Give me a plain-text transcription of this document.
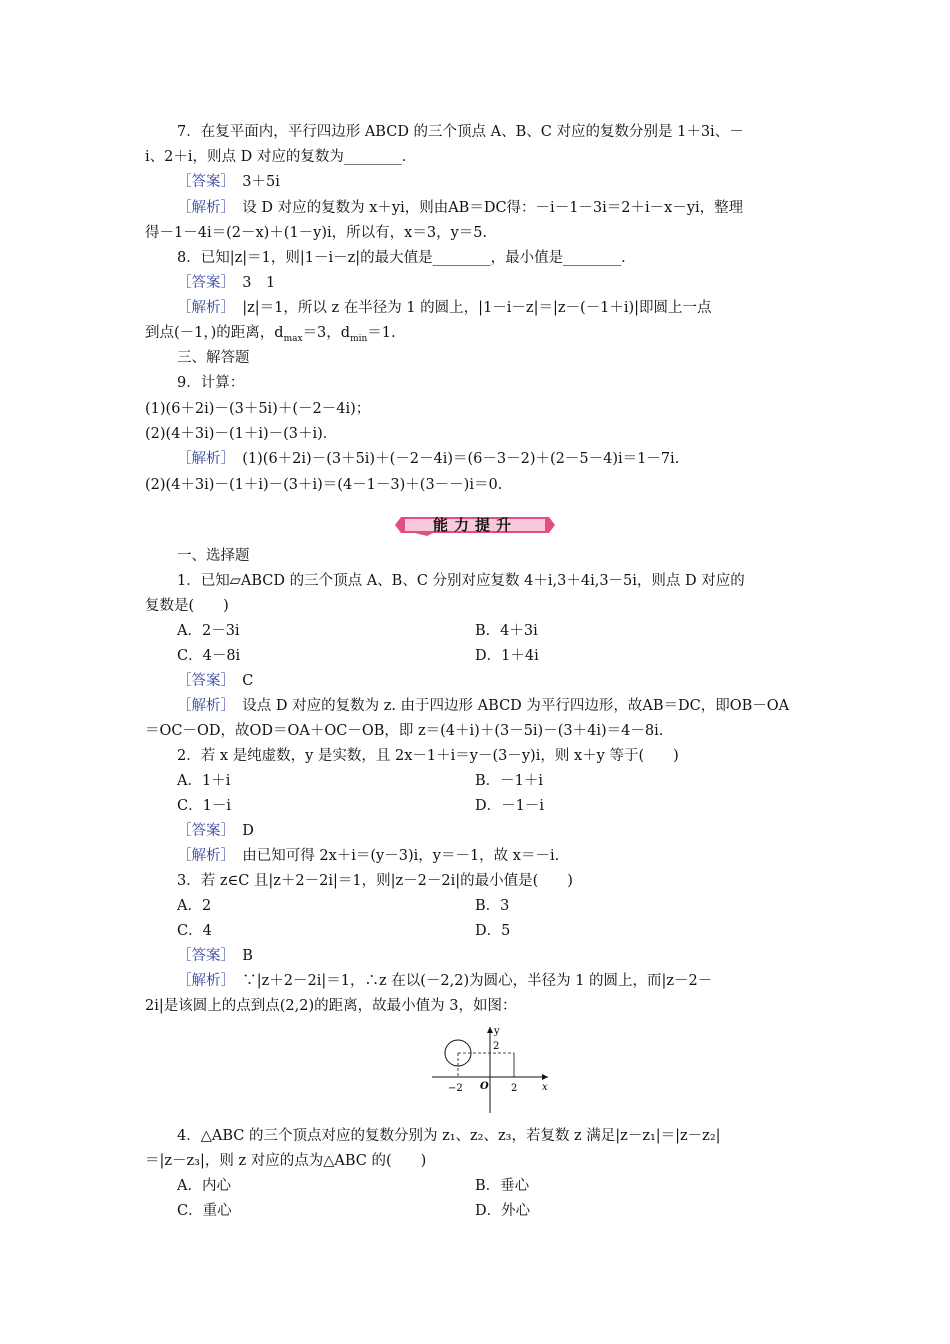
7．在复平面内，平行四边形 ABCD 的三个顶点 A、B、C 对应的复数分别是 1＋3i、－
i、2＋i，则点 D 对应的复数为________．
［答案］　 3＋5i
［解析］　 设 D 对应的复数为 x＋yi，则由AB＝DC得：－i－1－3i＝2＋i－x－yi，整理
得－1－4i＝(2－x)＋(1－y)i，所以有，x＝3，y＝5.
8．已知|z|＝1，则|1－i－z|的最大值是________，最小值是________．
［答案］　 3　1
［解析］　 |z|＝1，所以 z 在半径为 1 的圆上，|1－i－z|＝|z－(－1＋i)|即圆上一点
到点(－1，)的距离，$d_{max}=3$，$d_{min}=1$.
三、解答题
9．计算：
(1)(6＋2i)－(3＋5i)＋(－2－4i)；
(2)(4＋3i)－(1＋i)－(3＋i)．
［解析］　 (1)(6＋2i)－(3＋5i)＋(－2－4i)＝(6－3－2)＋(2－5－4)i＝1－7i.
(2)(4＋3i)－(1＋i)－(3＋i)＝(4－1－3)＋(3－－)i＝0.
能力提升
一、选择题
1．已知▱ABCD 的三个顶点 A、B、C 分别对应复数 4＋i,3＋4i,3－5i，则点 D 对应的
复数是(　　)
A．2－3i	B．4＋3i
C．4－8i	D．1＋4i
［答案］　 C
［解析］　 设点 D 对应的复数为 z. 由于四边形 ABCD 为平行四边形，故AB＝DC，即OB－OA
＝OC－OD，故OD＝OA＋OC－OB，即 z＝(4＋i)＋(3－5i)－(3＋4i)＝4－8i.
2．若 x 是纯虚数，y 是实数，且 2x－1＋i＝y－(3－y)i，则 x＋y 等于(　　)
A．1＋i	B．－1＋i
C．1－i	D．－1－i
［答案］　 D
［解析］　 由已知可得 2x＋i＝(y－3)i，y＝－1，故 x＝－i.
3．若 z∈C 且|z＋2－2i|＝1，则|z－2－2i|的最小值是(　　)
A．2	B．3
C．4	D．5
［答案］　 B
［解析］　 ∵|z＋2－2i|＝1，∴z 在以(－2,2)为圆心，半径为 1 的圆上，而|z－2－
2i|是该圆上的点到点(2,2)的距离，故最小值为 3，如图：
y
x
O
2
−2	2
4．△ABC 的三个顶点对应的复数分别为 z₁、z₂、z₃，若复数 z 满足|z－z₁|＝|z－z₂|
＝|z－z₃|，则 z 对应的点为△ABC 的(　　)
A．内心	B．垂心
C．重心	D．外心
